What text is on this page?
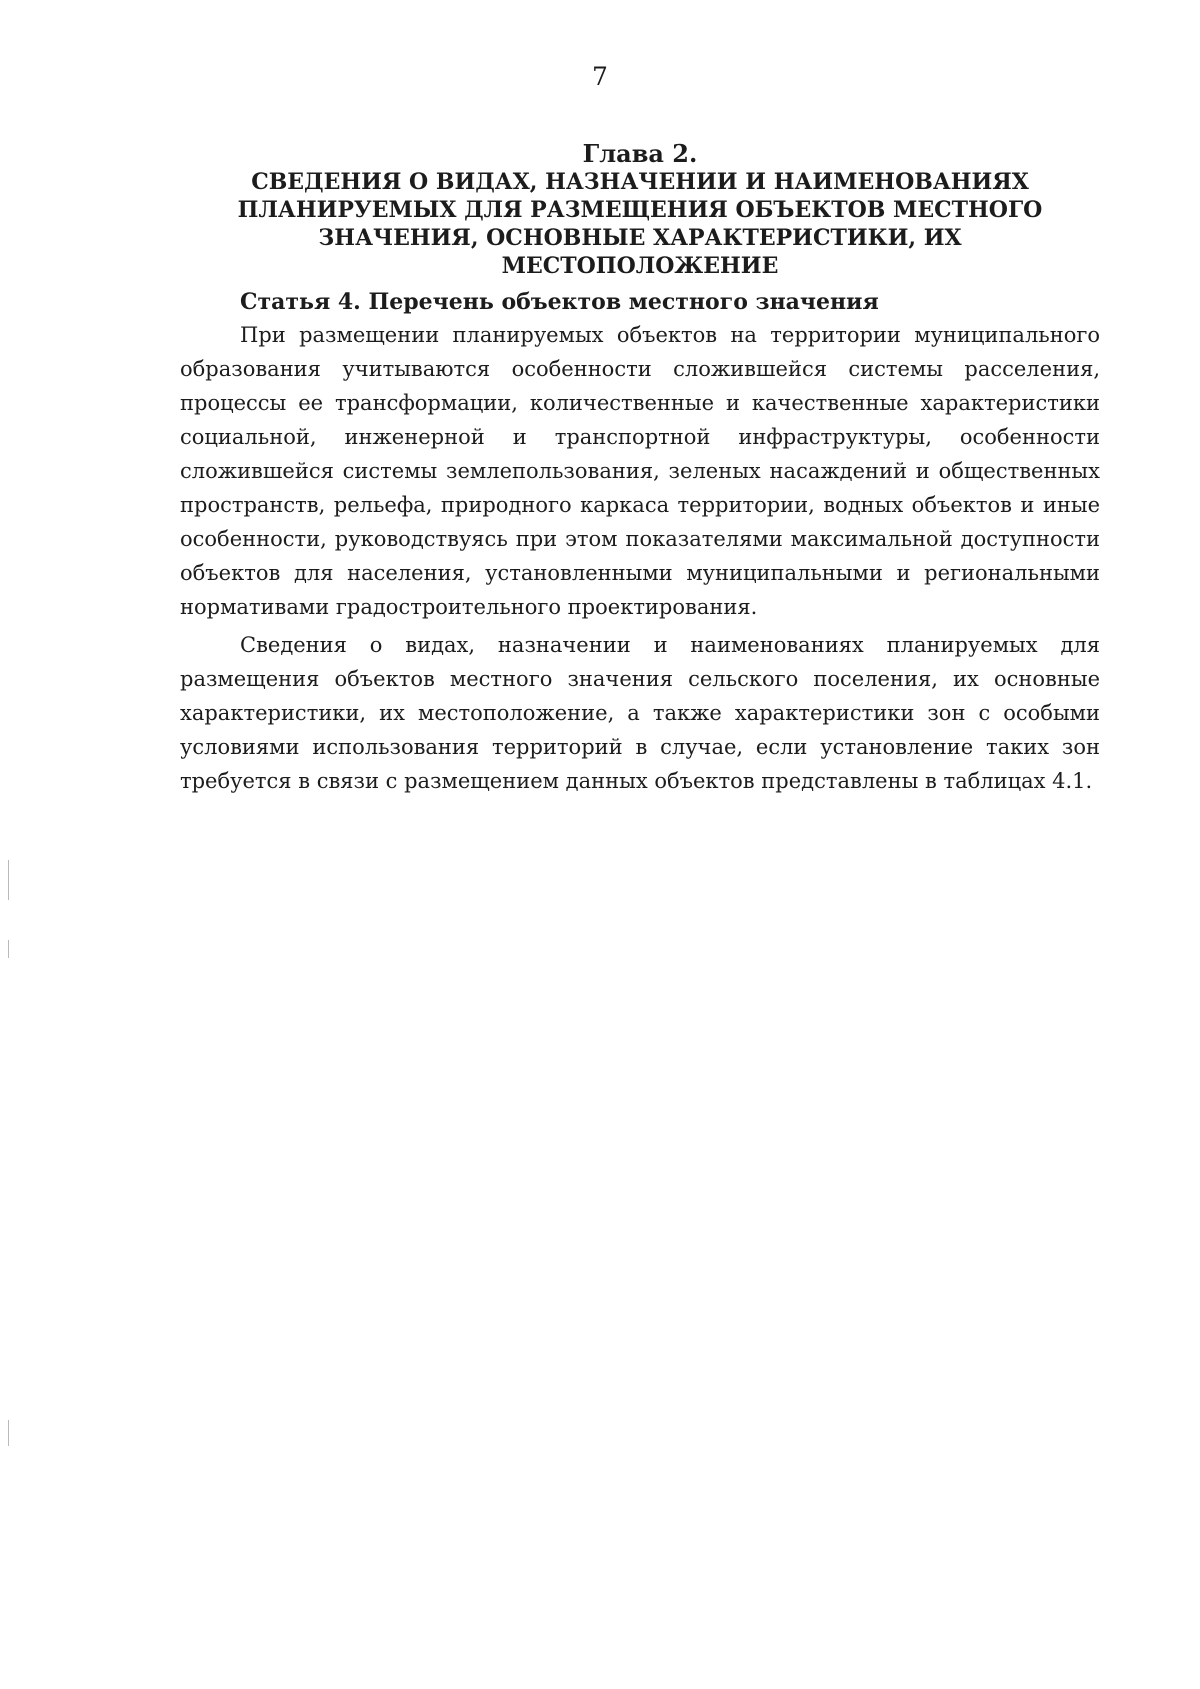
7
Глава 2.
СВЕДЕНИЯ О ВИДАХ, НАЗНАЧЕНИИ И НАИМЕНОВАНИЯХ ПЛАНИРУЕМЫХ ДЛЯ РАЗМЕЩЕНИЯ ОБЪЕКТОВ МЕСТНОГО ЗНАЧЕНИЯ, ОСНОВНЫЕ ХАРАКТЕРИСТИКИ, ИХ МЕСТОПОЛОЖЕНИЕ
Статья 4. Перечень объектов местного значения

При размещении планируемых объектов на территории муниципального образования учитываются особенности сложившейся системы расселения, процессы ее трансформации, количественные и качественные характеристики социальной, инженерной и транспортной инфраструктуры, особенности сложившейся системы землепользования, зеленых насаждений и общественных пространств, рельефа, природного каркаса территории, водных объектов и иные особенности, руководствуясь при этом показателями максимальной доступности объектов для населения, установленными муниципальными и региональными нормативами градостроительного проектирования.

Сведения о видах, назначении и наименованиях планируемых для размещения объектов местного значения сельского поселения, их основные характеристики, их местоположение, а также характеристики зон с особыми условиями использования территорий в случае, если установление таких зон требуется в связи с размещением данных объектов представлены в таблицах 4.1.
